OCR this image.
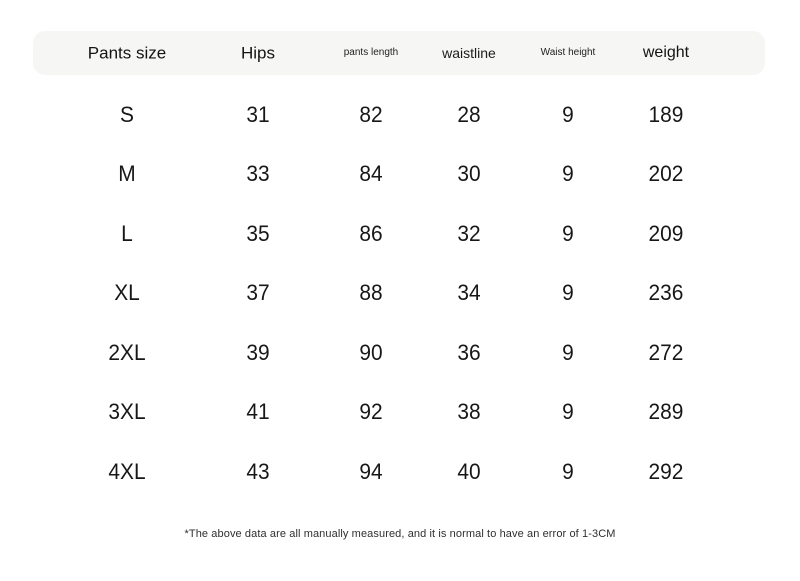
Pants size	Hips	pants length	waistline	Waist height	weight
S	31	82	28	9	189
M	33	84	30	9	202
L	35	86	32	9	209
XL	37	88	34	9	236
2XL	39	90	36	9	272
3XL	41	92	38	9	289
4XL	43	94	40	9	292
*The above data are all manually measured, and it is normal to have an error of 1-3CM
